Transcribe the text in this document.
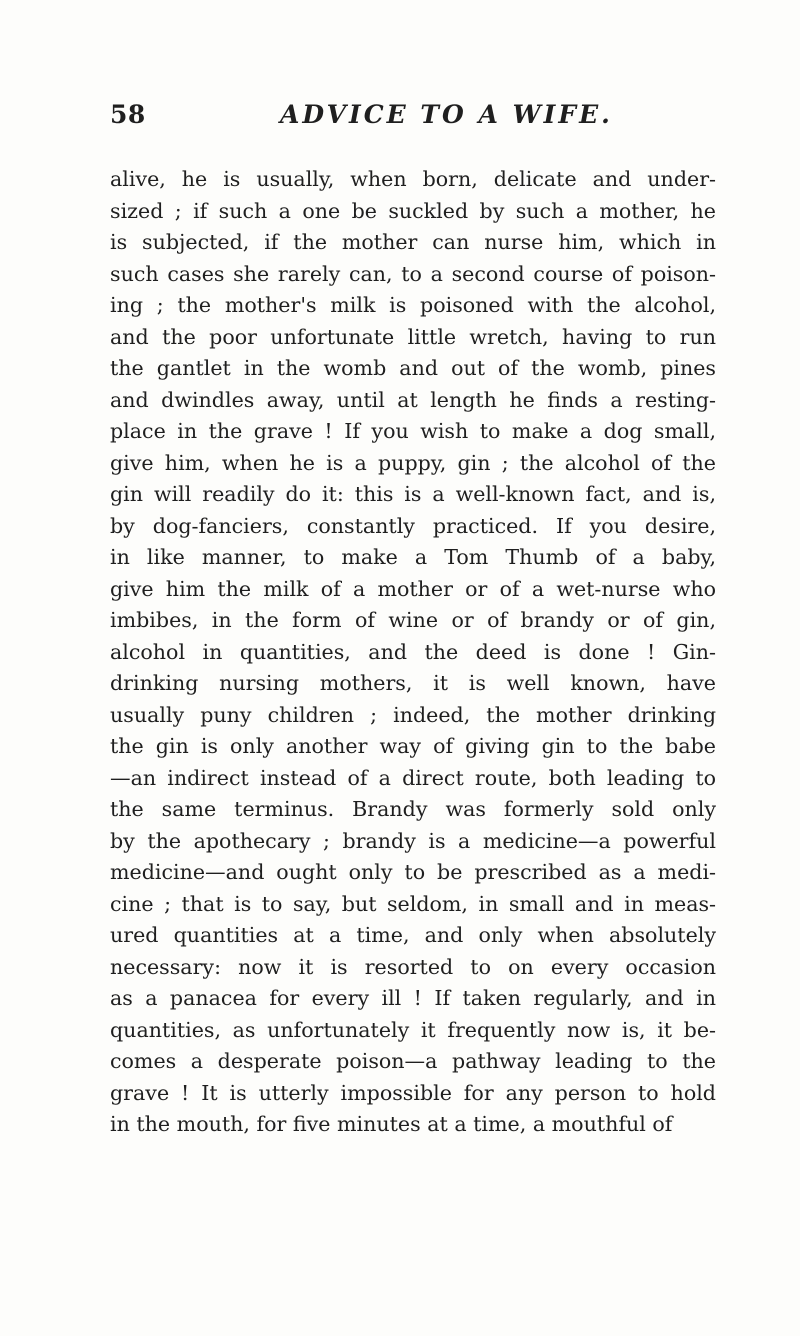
58	ADVICE TO A WIFE.
alive, he is usually, when born, delicate and under-
sized ; if such a one be suckled by such a mother, he
is subjected, if the mother can nurse him, which in
such cases she rarely can, to a second course of poison-
ing ; the mother's milk is poisoned with the alcohol,
and the poor unfortunate little wretch, having to run
the gantlet in the womb and out of the womb, pines
and dwindles away, until at length he finds a resting-
place in the grave ! If you wish to make a dog small,
give him, when he is a puppy, gin ; the alcohol of the
gin will readily do it: this is a well-known fact, and is,
by dog-fanciers, constantly practiced. If you desire,
in like manner, to make a Tom Thumb of a baby,
give him the milk of a mother or of a wet-nurse who
imbibes, in the form of wine or of brandy or of gin,
alcohol in quantities, and the deed is done ! Gin-
drinking nursing mothers, it is well known, have
usually puny children ; indeed, the mother drinking
the gin is only another way of giving gin to the babe
—an indirect instead of a direct route, both leading to
the same terminus. Brandy was formerly sold only
by the apothecary ; brandy is a medicine—a powerful
medicine—and ought only to be prescribed as a medi-
cine ; that is to say, but seldom, in small and in meas-
ured quantities at a time, and only when absolutely
necessary: now it is resorted to on every occasion
as a panacea for every ill ! If taken regularly, and in
quantities, as unfortunately it frequently now is, it be-
comes a desperate poison—a pathway leading to the
grave ! It is utterly impossible for any person to hold
in the mouth, for five minutes at a time, a mouthful of
